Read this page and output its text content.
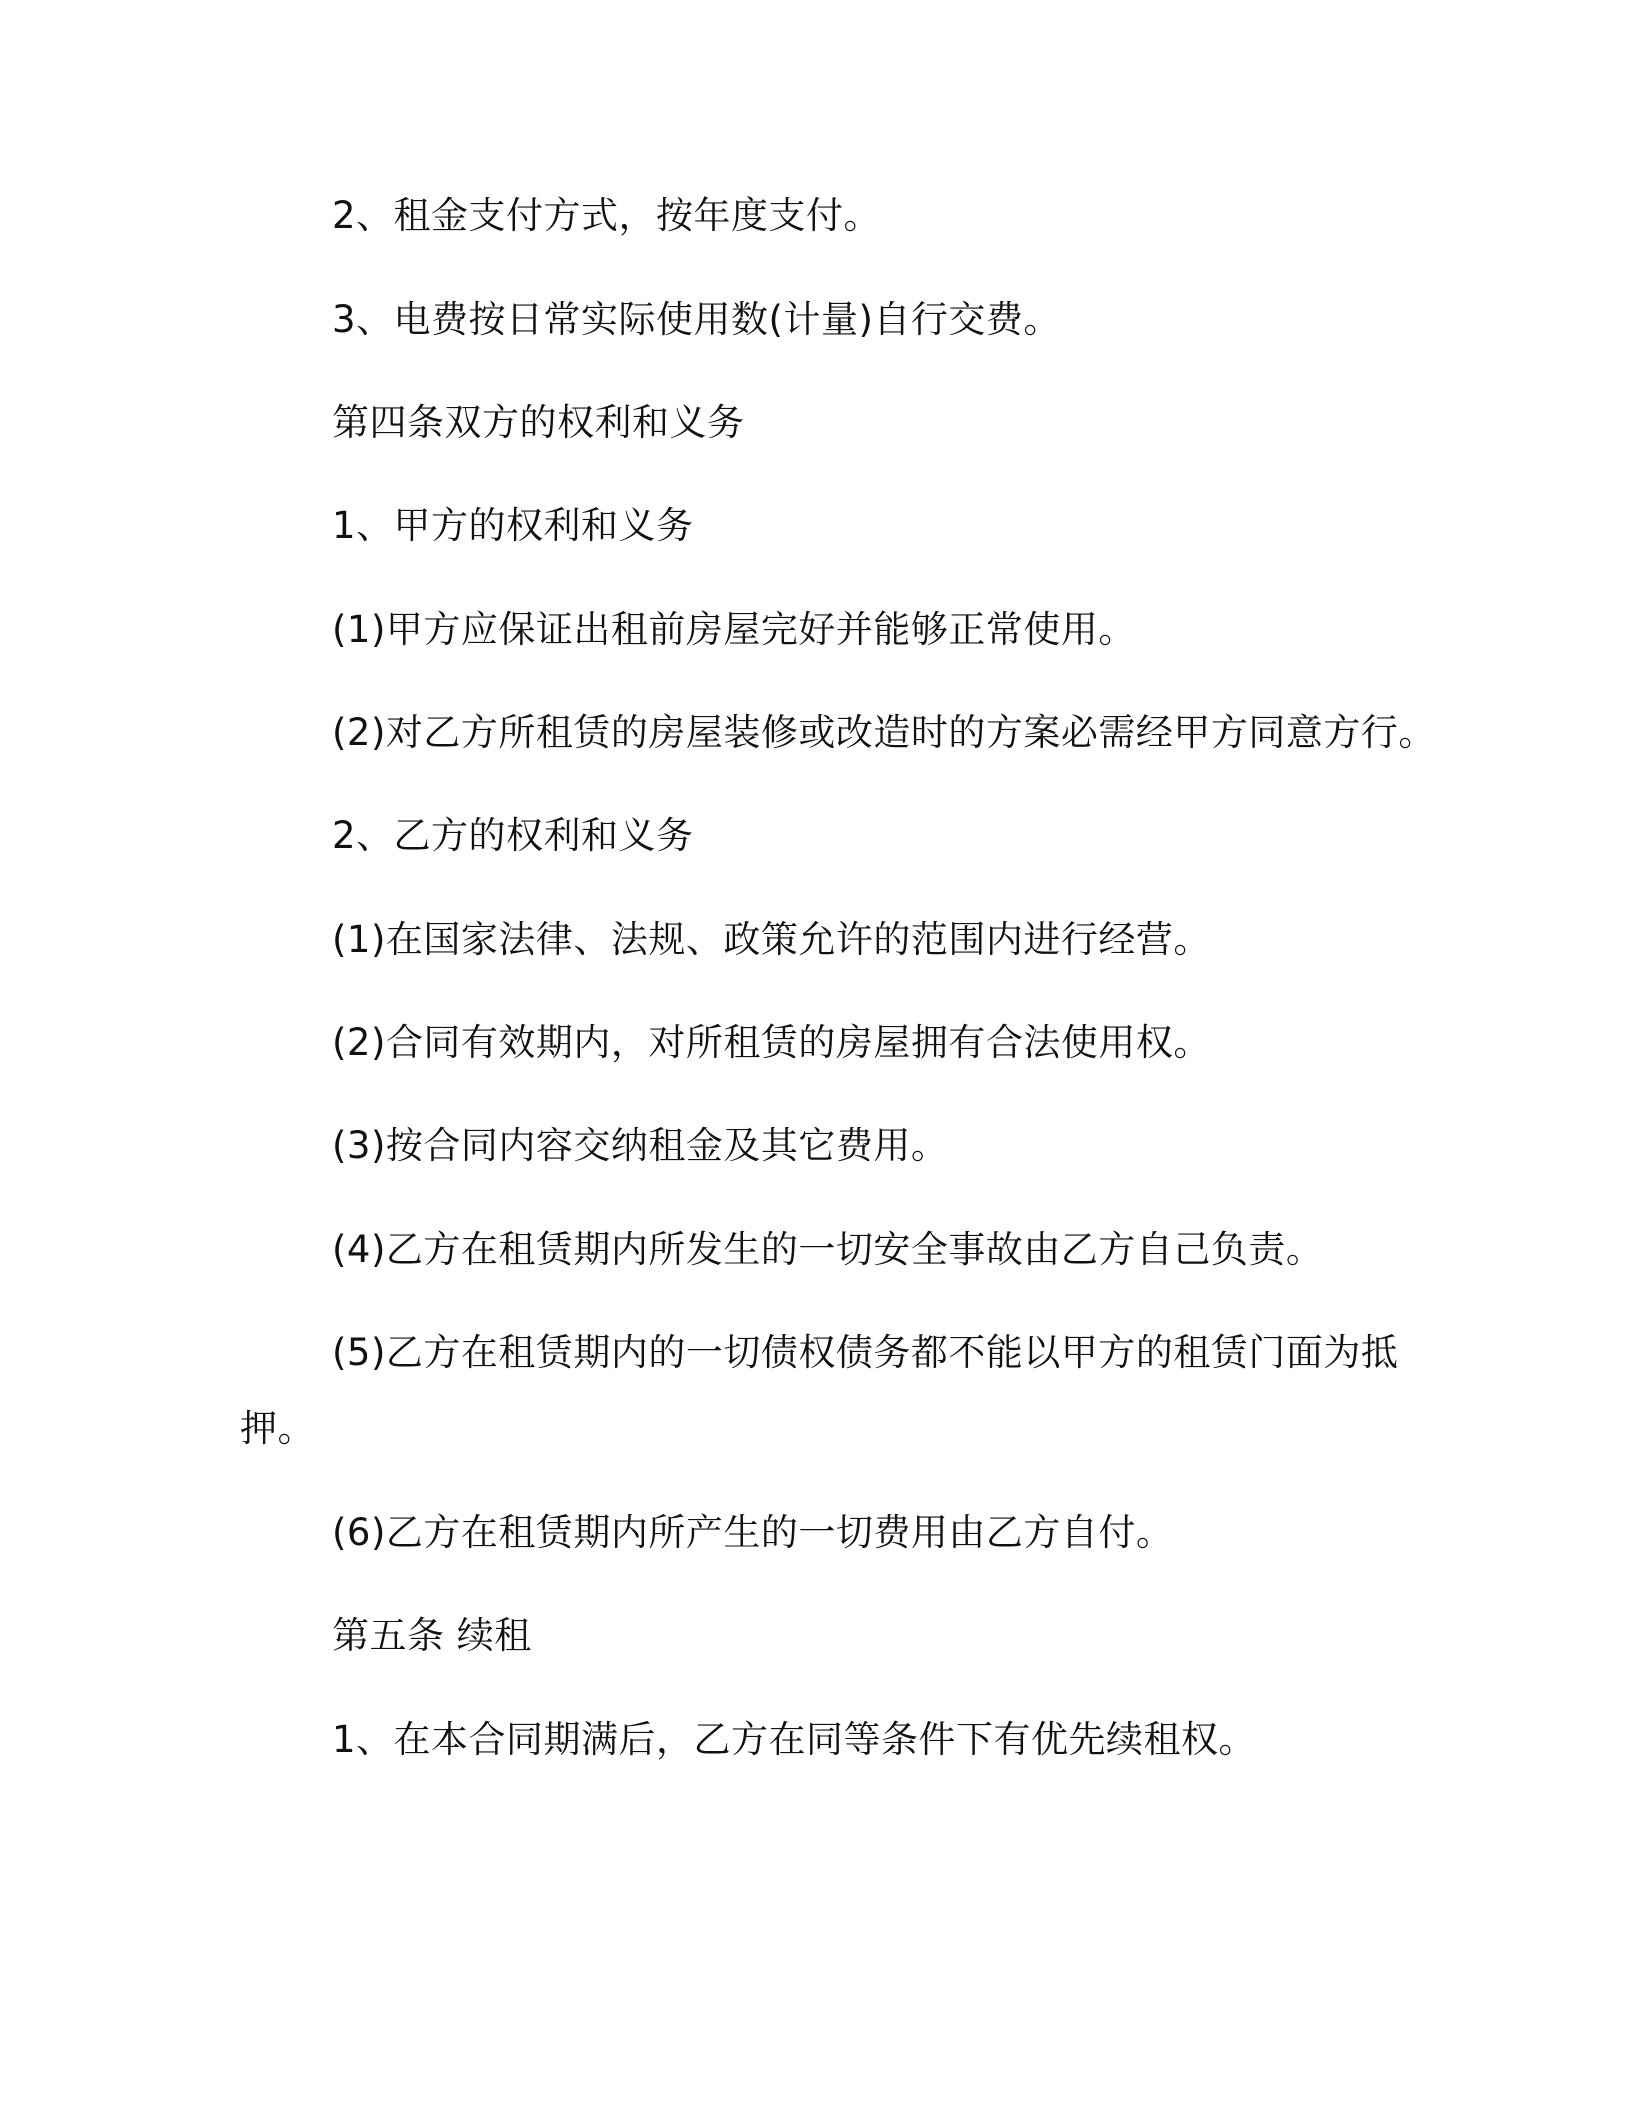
2、租金支付方式，按年度支付。
3、电费按日常实际使用数(计量)自行交费。
第四条双方的权利和义务
1、甲方的权利和义务
(1)甲方应保证出租前房屋完好并能够正常使用。
(2)对乙方所租赁的房屋装修或改造时的方案必需经甲方同意方行。
2、乙方的权利和义务
(1)在国家法律、法规、政策允许的范围内进行经营。
(2)合同有效期内，对所租赁的房屋拥有合法使用权。
(3)按合同内容交纳租金及其它费用。
(4)乙方在租赁期内所发生的一切安全事故由乙方自己负责。
(5)乙方在租赁期内的一切债权债务都不能以甲方的租赁门面为抵
押。
(6)乙方在租赁期内所产生的一切费用由乙方自付。
第五条 续租
1、在本合同期满后，乙方在同等条件下有优先续租权。
